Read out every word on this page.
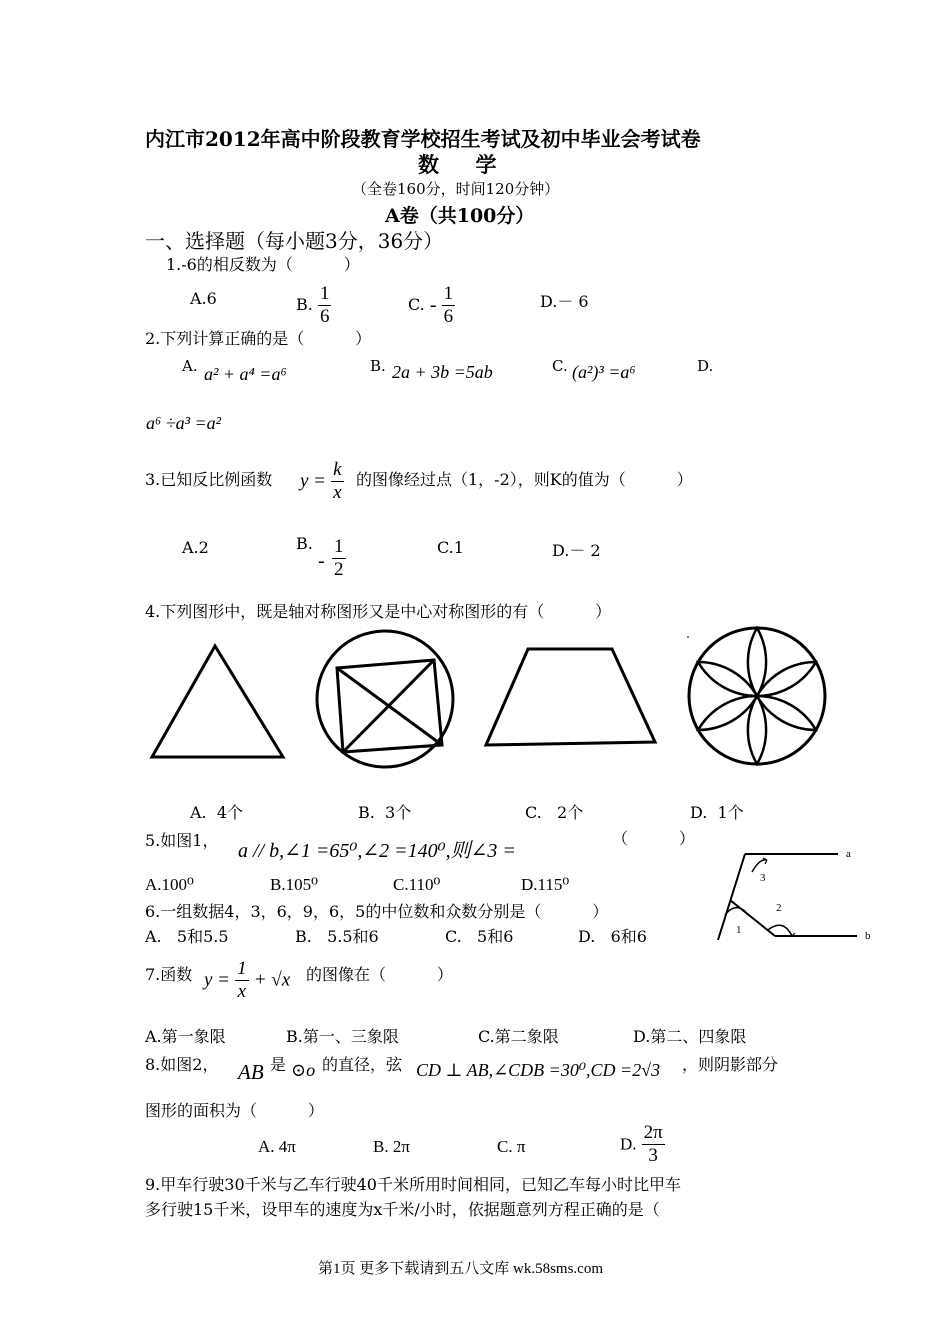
内江市2012年高中阶段教育学校招生考试及初中毕业会考试卷
数     学
（全卷160分，时间120分钟）
A卷（共100分）
一、选择题（每小题3分，36分）
1.-6的相反数为（          ）
A.6	B. $\frac{1}{6}$	C. - $\frac{1}{6}$	D.－ 6
2.下列计算正确的是（          ）
A. a² + a⁴ =a⁶	B. 2a + 3b =5ab	C. (a²)³ =a⁶	D.
a⁶ ÷a³ =a²
3.已知反比例函数 $y = \frac{k}{x}$ 的图像经过点（1，-2），则K的值为（          ）
A.2	B.

- $\frac{1}{2}$	C.1	D.－ 2
4.下列图形中，既是轴对称图形又是中心对称图形的有（          ）
A.  4个	B.  3个	C.   2个	D.  1个
5.如图1， a // b,∠1 =65⁰,∠2 =140⁰,则∠3 =
（          ）
A.100⁰	B.105⁰	C.110⁰	D.115⁰
a
b
1
2
3
6.一组数据4，3，6，9，6，5的中位数和众数分别是（          ）
A.   5和5.5	B.   5.5和6	C.   5和6	D.   6和6
7.函数 $y = \frac{1}{x} + √x$ 的图像在（          ）
A.第一象限	B.第一、三象限	C.第二象限	D.第二、四象限
8.如图2， AB 是 ⊙o 的直径，弦 CD ⊥ AB,∠CDB =30⁰,CD =2√3 ，则阴影部分
图形的面积为（          ）
A. 4π	B. 2π	C. π	D. $\frac{2\pi}{3}$
9.甲车行驶30千米与乙车行驶40千米所用时间相同，已知乙车每小时比甲车
多行驶15千米，设甲车的速度为x千米/小时，依据题意列方程正确的是（
第1页 更多下载请到五八文库 wk.58sms.com
